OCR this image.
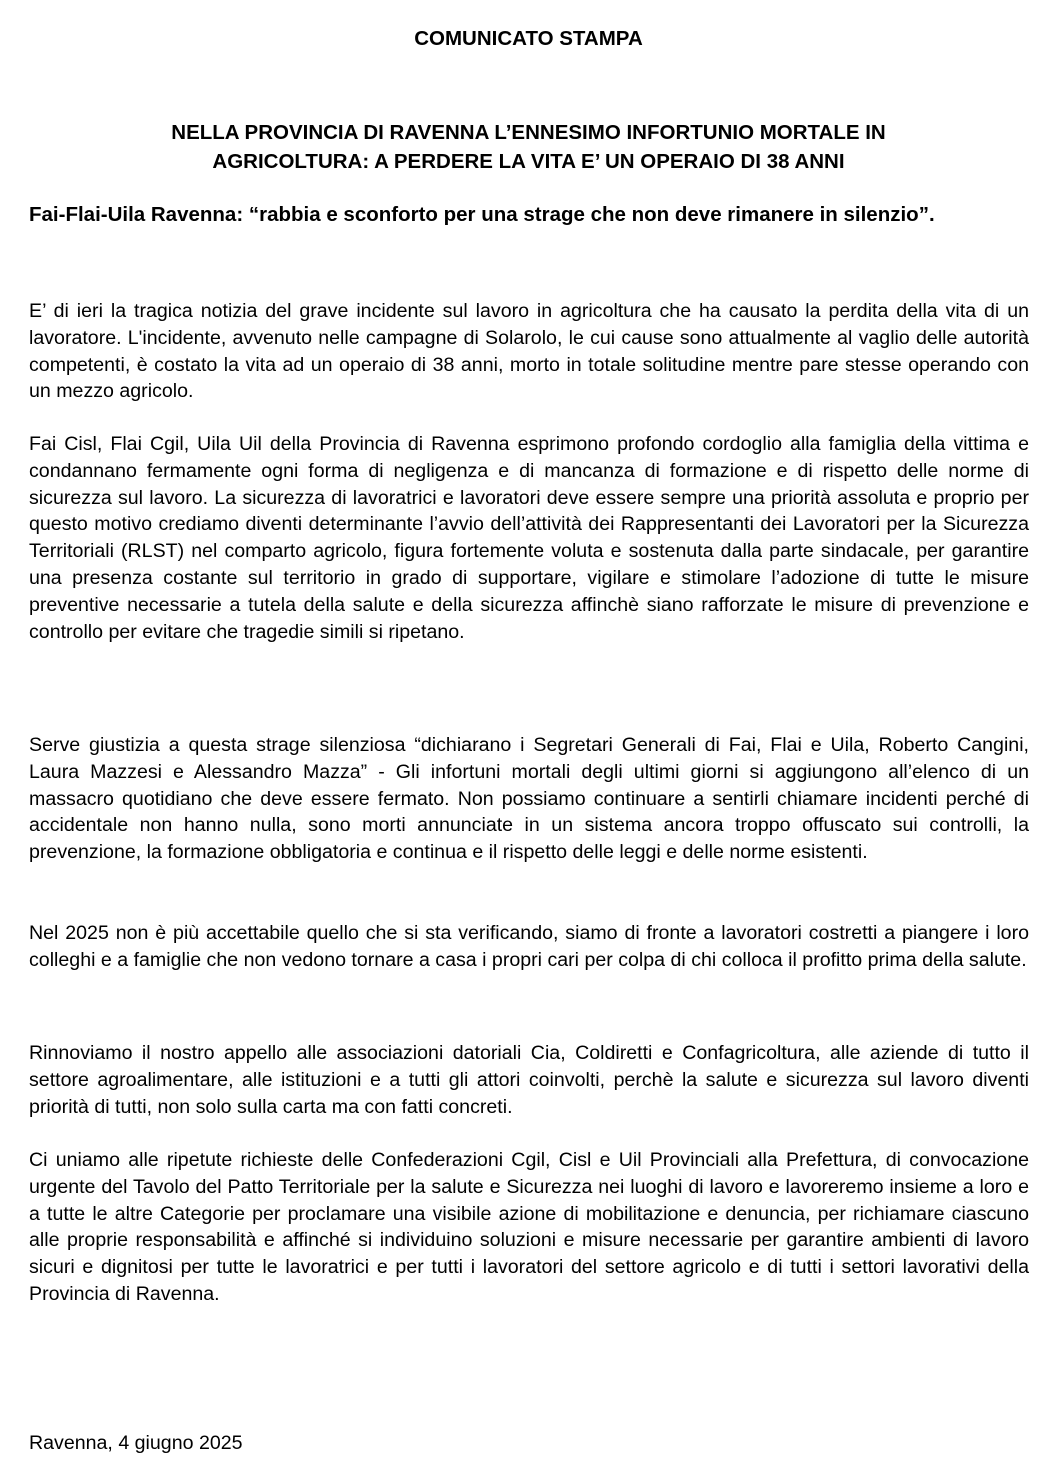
COMUNICATO STAMPA
NELLA PROVINCIA DI RAVENNA L’ENNESIMO INFORTUNIO MORTALE IN
AGRICOLTURA: A PERDERE LA VITA E’ UN OPERAIO DI 38 ANNI
Fai-Flai-Uila Ravenna: “rabbia e sconforto per una strage che non deve rimanere in silenzio”.

E’ di ieri la tragica notizia del grave incidente sul lavoro in agricoltura che ha causato la perdita della vita di un lavoratore. L'incidente, avvenuto nelle campagne di Solarolo, le cui cause sono attualmente al vaglio delle autorità competenti, è costato la vita ad un operaio di 38 anni, morto in totale solitudine mentre pare stesse operando con un mezzo agricolo.

Fai Cisl, Flai Cgil, Uila Uil della Provincia di Ravenna esprimono profondo cordoglio alla famiglia della vittima e condannano fermamente ogni forma di negligenza e di mancanza di formazione e di rispetto delle norme di sicurezza sul lavoro. La sicurezza di lavoratrici e lavoratori deve essere sempre una priorità assoluta e proprio per questo motivo crediamo diventi determinante l’avvio dell’attività dei Rappresentanti dei Lavoratori per la Sicurezza Territoriali (RLST) nel comparto agricolo, figura fortemente voluta e sostenuta dalla parte sindacale, per garantire una presenza costante sul territorio in grado di supportare, vigilare e stimolare l’adozione di tutte le misure preventive necessarie a tutela della salute e della sicurezza affinchè siano rafforzate le misure di prevenzione e controllo per evitare che tragedie simili si ripetano.

Serve giustizia a questa strage silenziosa “dichiarano i Segretari Generali di Fai, Flai e Uila, Roberto Cangini, Laura Mazzesi e Alessandro Mazza” - Gli infortuni mortali degli ultimi giorni si aggiungono all’elenco di un massacro quotidiano che deve essere fermato. Non possiamo continuare a sentirli chiamare incidenti perché di accidentale non hanno nulla, sono morti annunciate in un sistema ancora troppo offuscato sui controlli, la prevenzione, la formazione obbligatoria e continua e il rispetto delle leggi e delle norme esistenti.

Nel 2025 non è più accettabile quello che si sta verificando, siamo di fronte a lavoratori costretti a piangere i loro colleghi e a famiglie che non vedono tornare a casa i propri cari per colpa di chi colloca il profitto prima della salute.

Rinnoviamo il nostro appello alle associazioni datoriali Cia, Coldiretti e Confagricoltura, alle aziende di tutto il settore agroalimentare, alle istituzioni e a tutti gli attori coinvolti, perchè la salute e sicurezza sul lavoro diventi priorità di tutti, non solo sulla carta ma con fatti concreti.

Ci uniamo alle ripetute richieste delle Confederazioni Cgil, Cisl e Uil Provinciali alla Prefettura, di convocazione urgente del Tavolo del Patto Territoriale per la salute e Sicurezza nei luoghi di lavoro e lavoreremo insieme a loro e a tutte le altre Categorie per proclamare una visibile azione di mobilitazione e denuncia, per richiamare ciascuno alle proprie responsabilità e affinché si individuino soluzioni e misure necessarie per garantire ambienti di lavoro sicuri e dignitosi per tutte le lavoratrici e per tutti i lavoratori del settore agricolo e di tutti i settori lavorativi della Provincia di Ravenna.

Ravenna, 4 giugno 2025
